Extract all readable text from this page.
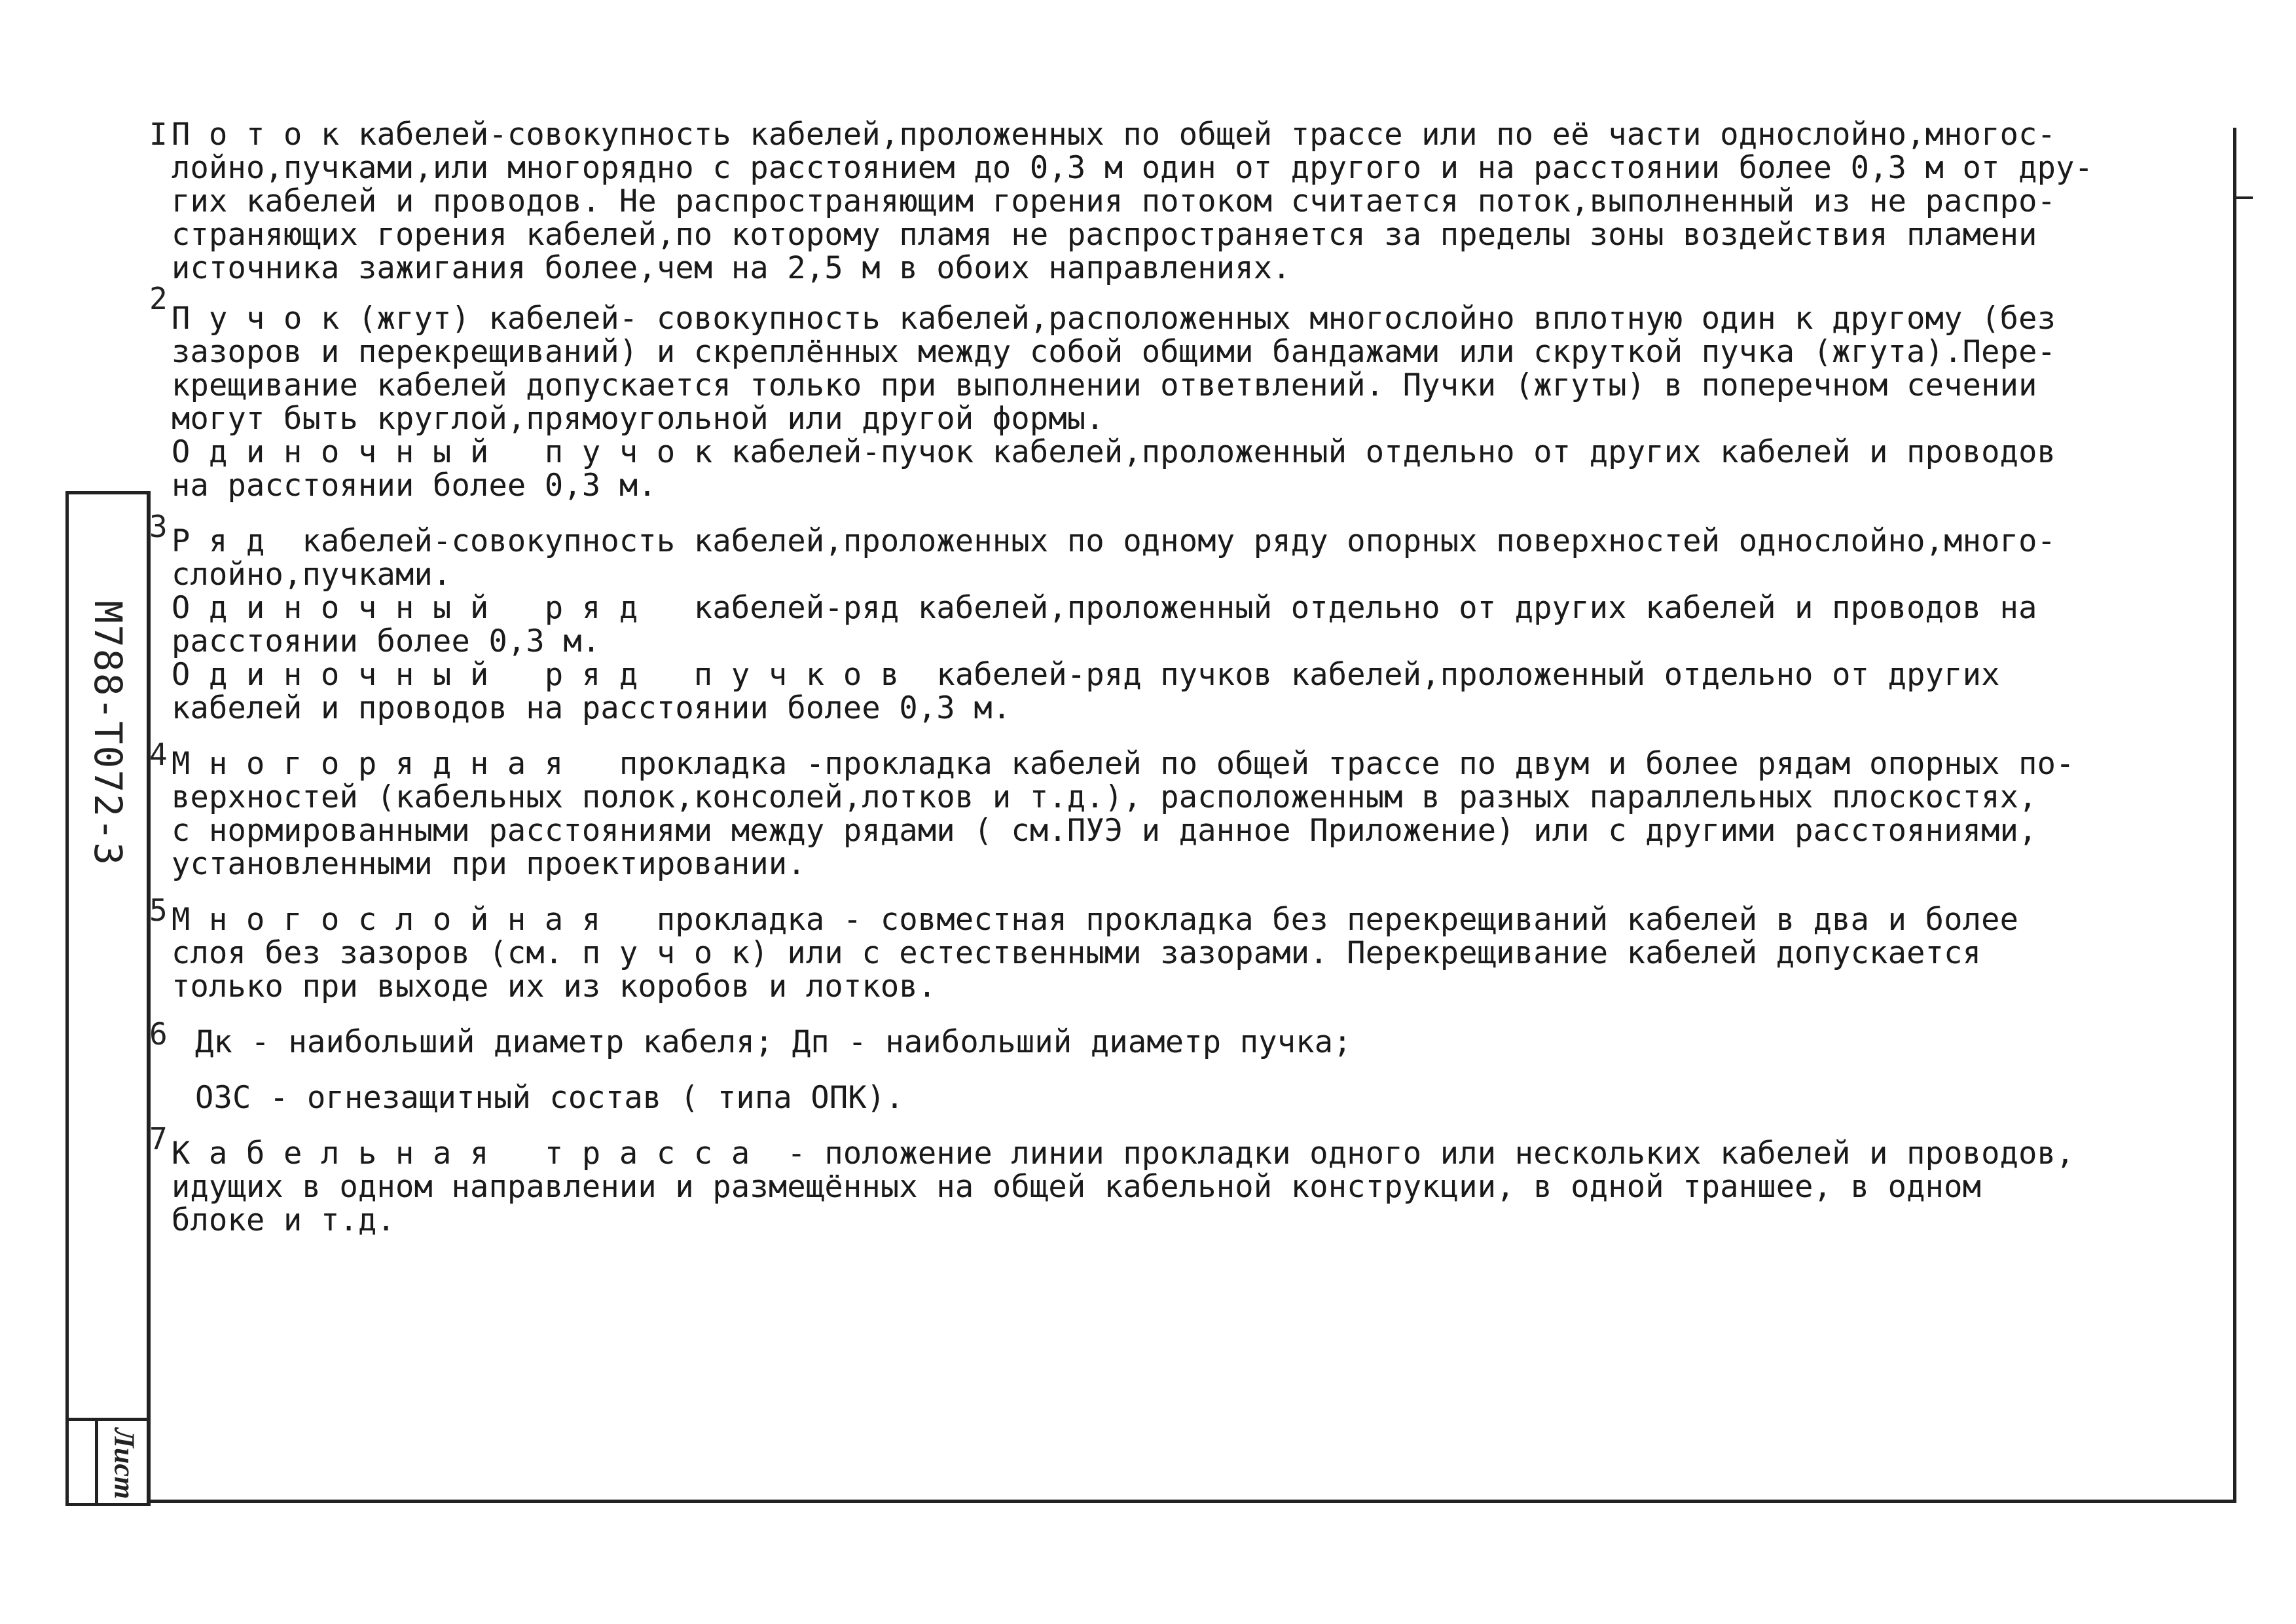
М788-Т072-3
Лист
I П о т о к кабелей-совокупность кабелей,проложенных по общей трассе или по её части однослойно,многос-
лойно,пучками,или многорядно с расстоянием до 0,3 м один от другого и на расстоянии более 0,3 м от дру-
гих кабелей и проводов. Не распространяющим горения потоком считается поток,выполненный из не распро-
страняющих горения кабелей,по которому пламя не распространяется за пределы зоны воздействия пламени
источника зажигания более,чем на 2,5 м в обоих направлениях.
2
П у ч о к (жгут) кабелей- совокупность кабелей,расположенных многослойно вплотную один к другому (без
зазоров и перекрещиваний) и скреплённых между собой общими бандажами или скруткой пучка (жгута).Пере-
крещивание кабелей допускается только при выполнении ответвлений. Пучки (жгуты) в поперечном сечении
могут быть круглой,прямоугольной или другой формы.
О д и н о ч н ы й   п у ч о к кабелей-пучок кабелей,проложенный отдельно от других кабелей и проводов
на расстоянии более 0,3 м.
3 Р я д  кабелей-совокупность кабелей,проложенных по одному ряду опорных поверхностей однослойно,много-
слойно,пучками.
О д и н о ч н ы й   р я д   кабелей-ряд кабелей,проложенный отдельно от других кабелей и проводов на
расстоянии более 0,3 м.
О д и н о ч н ы й   р я д   п у ч к о в  кабелей-ряд пучков кабелей,проложенный отдельно от других
кабелей и проводов на расстоянии более 0,3 м.
4 М н о г о р я д н а я   прокладка -прокладка кабелей по общей трассе по двум и более рядам опорных по-
верхностей (кабельных полок,консолей,лотков и т.д.), расположенным в разных параллельных плоскостях,
с нормированными расстояниями между рядами ( см.ПУЭ и данное Приложение) или с другими расстояниями,
установленными при проектировании.
5 М н о г о с л о й н а я   прокладка - совместная прокладка без перекрещиваний кабелей в два и более
слоя без зазоров (см. п у ч о к) или с естественными зазорами. Перекрещивание кабелей допускается
только при выходе их из коробов и лотков.
6 Дк - наибольший диаметр кабеля; Дп - наибольший диаметр пучка;
ОЗС - огнезащитный состав ( типа ОПК).
7 К а б е л ь н а я   т р а с с а  - положение линии прокладки одного или нескольких кабелей и проводов,
идущих в одном направлении и размещённых на общей кабельной конструкции, в одной траншее, в одном
блоке и т.д.
